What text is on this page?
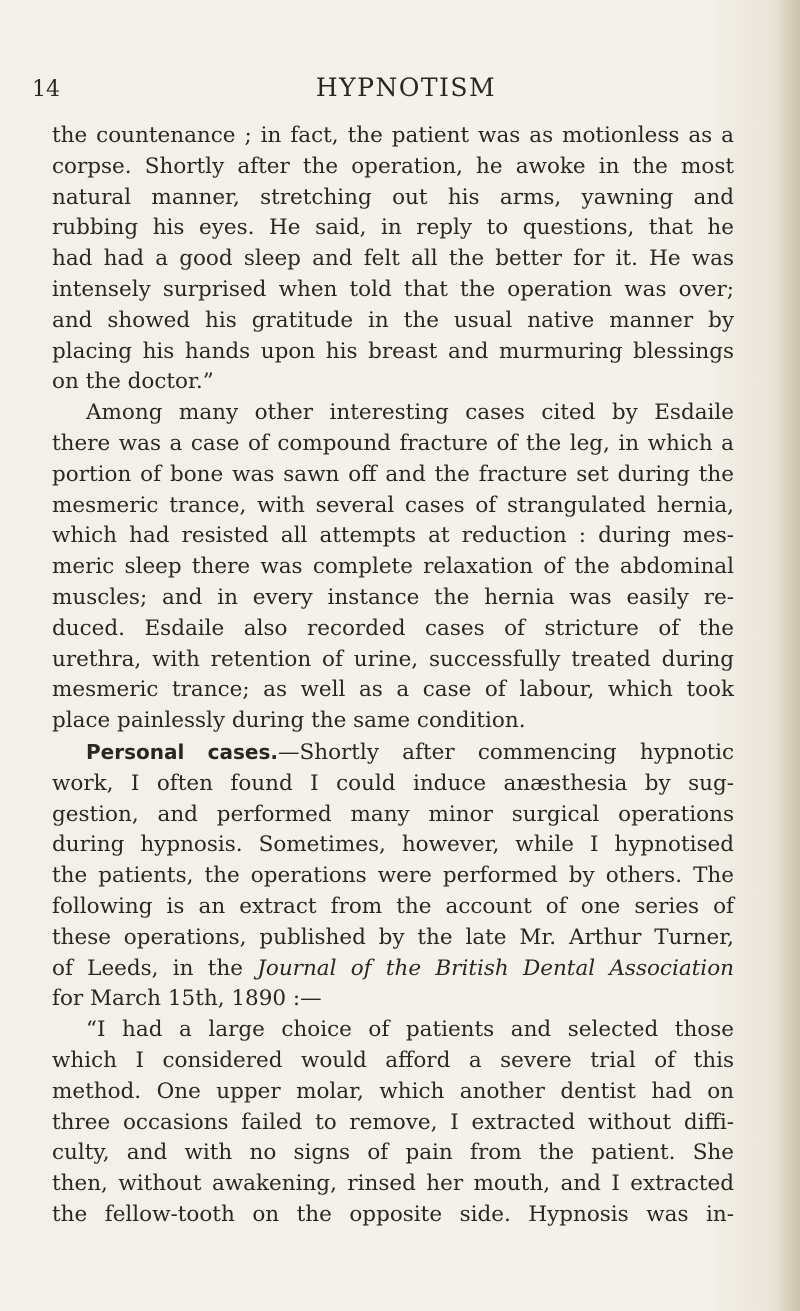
14	HYPNOTISM
the countenance ; in fact, the patient was as motionless as a
corpse. Shortly after the operation, he awoke in the most
natural manner, stretching out his arms, yawning and
rubbing his eyes. He said, in reply to questions, that he
had had a good sleep and felt all the better for it. He was
intensely surprised when told that the operation was over;
and showed his gratitude in the usual native manner by
placing his hands upon his breast and murmuring blessings
on the doctor.”
Among many other interesting cases cited by Esdaile
there was a case of compound fracture of the leg, in which a
portion of bone was sawn off and the fracture set during the
mesmeric trance, with several cases of strangulated hernia,
which had resisted all attempts at reduction : during mes-
meric sleep there was complete relaxation of the abdominal
muscles; and in every instance the hernia was easily re-
duced. Esdaile also recorded cases of stricture of the
urethra, with retention of urine, successfully treated during
mesmeric trance; as well as a case of labour, which took
place painlessly during the same condition.
Personal cases.—Shortly after commencing hypnotic
work, I often found I could induce anæsthesia by sug-
gestion, and performed many minor surgical operations
during hypnosis. Sometimes, however, while I hypnotised
the patients, the operations were performed by others. The
following is an extract from the account of one series of
these operations, published by the late Mr. Arthur Turner,
of Leeds, in the Journal of the British Dental Association
for March 15th, 1890 :—
“I had a large choice of patients and selected those
which I considered would afford a severe trial of this
method. One upper molar, which another dentist had on
three occasions failed to remove, I extracted without diffi-
culty, and with no signs of pain from the patient. She
then, without awakening, rinsed her mouth, and I extracted
the fellow-tooth on the opposite side. Hypnosis was in-
